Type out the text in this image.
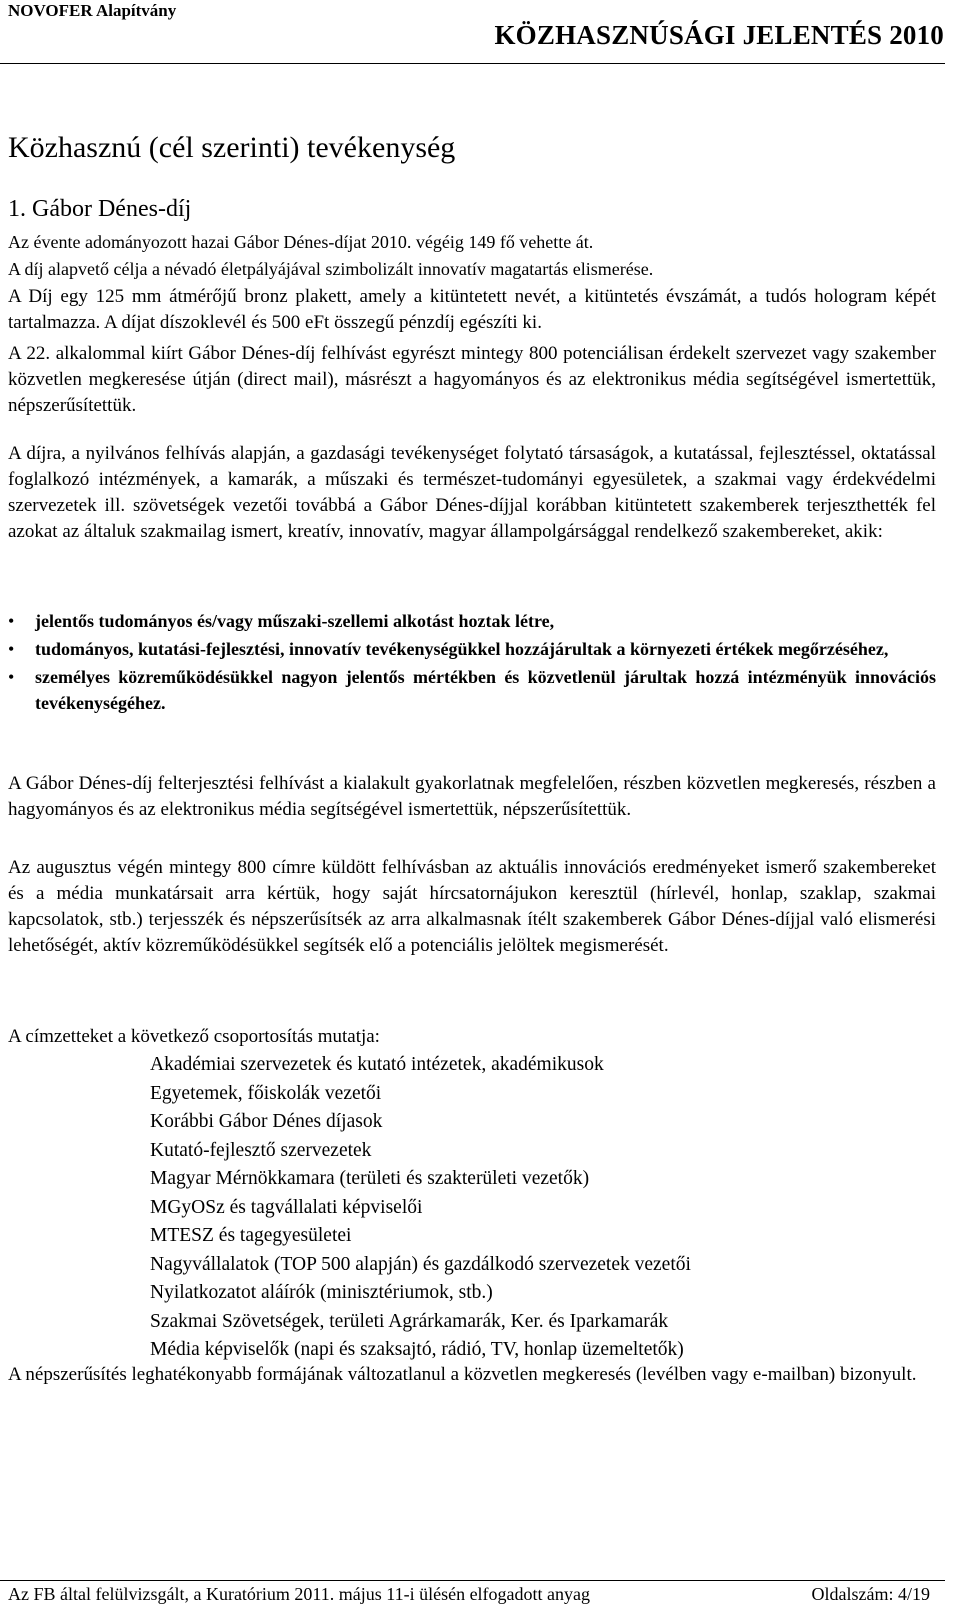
NOVOFER Alapítvány
KÖZHASZNÚSÁGI JELENTÉS 2010
Közhasznú (cél szerinti) tevékenység
1. Gábor Dénes-díj

Az évente adományozott hazai Gábor Dénes-díjat 2010. végéig 149 fő vehette át.

A díj alapvető célja a névadó életpályájával szimbolizált innovatív magatartás elismerése.

A Díj egy 125 mm átmérőjű bronz plakett, amely a kitüntetett nevét, a kitüntetés évszámát, a tudós hologram képét tartalmazza. A díjat díszoklevél és 500 eFt összegű pénzdíj egészíti ki.

A 22. alkalommal kiírt Gábor Dénes-díj felhívást egyrészt mintegy 800 potenciálisan érdekelt szervezet vagy szakember közvetlen megkeresése útján (direct mail), másrészt a hagyományos és az elektronikus média segítségével ismertettük, népszerűsítettük.

A díjra, a nyilvános felhívás alapján, a gazdasági tevékenységet folytató társaságok, a kutatással, fejlesztéssel, oktatással foglalkozó intézmények, a kamarák, a műszaki és természet-tudományi egyesületek, a szakmai vagy érdekvédelmi szervezetek ill. szövetségek vezetői továbbá a Gábor Dénes-díjjal korábban kitüntetett szakemberek terjeszthették fel azokat az általuk szakmailag ismert, kreatív, innovatív, magyar állampolgársággal rendelkező szakembereket, akik:

• jelentős tudományos és/vagy műszaki-szellemi alkotást hoztak létre,
• tudományos, kutatási-fejlesztési, innovatív tevékenységükkel hozzájárultak a környezeti értékek megőrzéséhez,
• személyes közreműködésükkel nagyon jelentős mértékben és közvetlenül járultak hozzá intézményük innovációs tevékenységéhez.

A Gábor Dénes-díj felterjesztési felhívást a kialakult gyakorlatnak megfelelően, részben közvetlen megkeresés, részben a hagyományos és az elektronikus média segítségével ismertettük, népszerűsítettük.

Az augusztus végén mintegy 800 címre küldött felhívásban az aktuális innovációs eredményeket ismerő szakembereket és a média munkatársait arra kértük, hogy saját hírcsatornájukon keresztül (hírlevél, honlap, szaklap, szakmai kapcsolatok, stb.) terjesszék és népszerűsítsék az arra alkalmasnak ítélt szakemberek Gábor Dénes-díjjal való elismerési lehetőségét, aktív közreműködésükkel segítsék elő a potenciális jelöltek megismerését.

A címzetteket a következő csoportosítás mutatja:

Akadémiai szervezetek és kutató intézetek, akadémikusok
Egyetemek, főiskolák vezetői
Korábbi Gábor Dénes díjasok
Kutató-fejlesztő szervezetek
Magyar Mérnökkamara (területi és szakterületi vezetők)
MGyOSz és tagvállalati képviselői
MTESZ és tagegyesületei
Nagyvállalatok (TOP 500 alapján) és gazdálkodó szervezetek vezetői
Nyilatkozatot aláírók (minisztériumok, stb.)
Szakmai Szövetségek, területi Agrárkamarák, Ker. és Iparkamarák
Média képviselők (napi és szaksajtó, rádió, TV, honlap üzemeltetők)

A népszerűsítés leghatékonyabb formájának változatlanul a közvetlen megkeresés (levélben vagy e-mailban) bizonyult.

Az FB által felülvizsgált, a Kuratórium 2011. május 11-i ülésén elfogadott anyag	Oldalszám: 4/19
